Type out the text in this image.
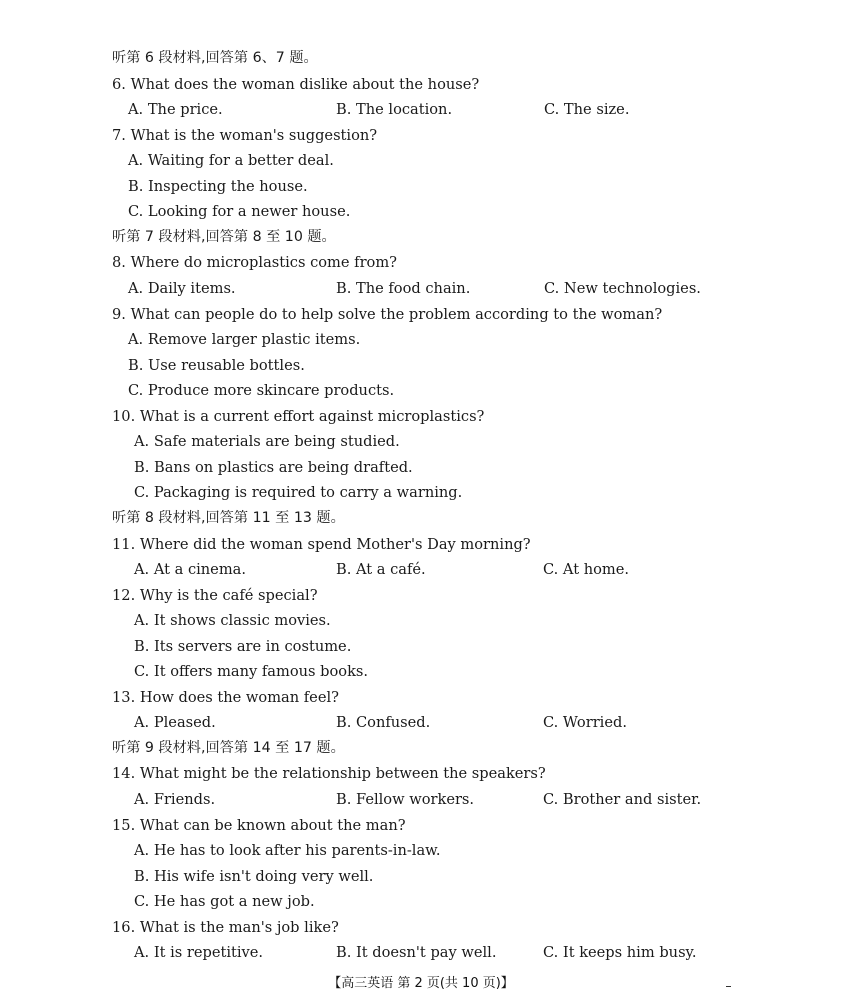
听第 6 段材料,回答第 6、7 题。
6. What does the woman dislike about the house?
A. The price.	B. The location.	C. The size.
7. What is the woman's suggestion?
A. Waiting for a better deal.
B. Inspecting the house.
C. Looking for a newer house.
听第 7 段材料,回答第 8 至 10 题。
8. Where do microplastics come from?
A. Daily items.	B. The food chain.	C. New technologies.
9. What can people do to help solve the problem according to the woman?
A. Remove larger plastic items.
B. Use reusable bottles.
C. Produce more skincare products.
10. What is a current effort against microplastics?
A. Safe materials are being studied.
B. Bans on plastics are being drafted.
C. Packaging is required to carry a warning.
听第 8 段材料,回答第 11 至 13 题。
11. Where did the woman spend Mother's Day morning?
A. At a cinema.	B. At a café.	C. At home.
12. Why is the café special?
A. It shows classic movies.
B. Its servers are in costume.
C. It offers many famous books.
13. How does the woman feel?
A. Pleased.	B. Confused.	C. Worried.
听第 9 段材料,回答第 14 至 17 题。
14. What might be the relationship between the speakers?
A. Friends.	B. Fellow workers.	C. Brother and sister.
15. What can be known about the man?
A. He has to look after his parents-in-law.
B. His wife isn't doing very well.
C. He has got a new job.
16. What is the man's job like?
A. It is repetitive.	B. It doesn't pay well.	C. It keeps him busy.
【高三英语 第 2 页(共 10 页)】
